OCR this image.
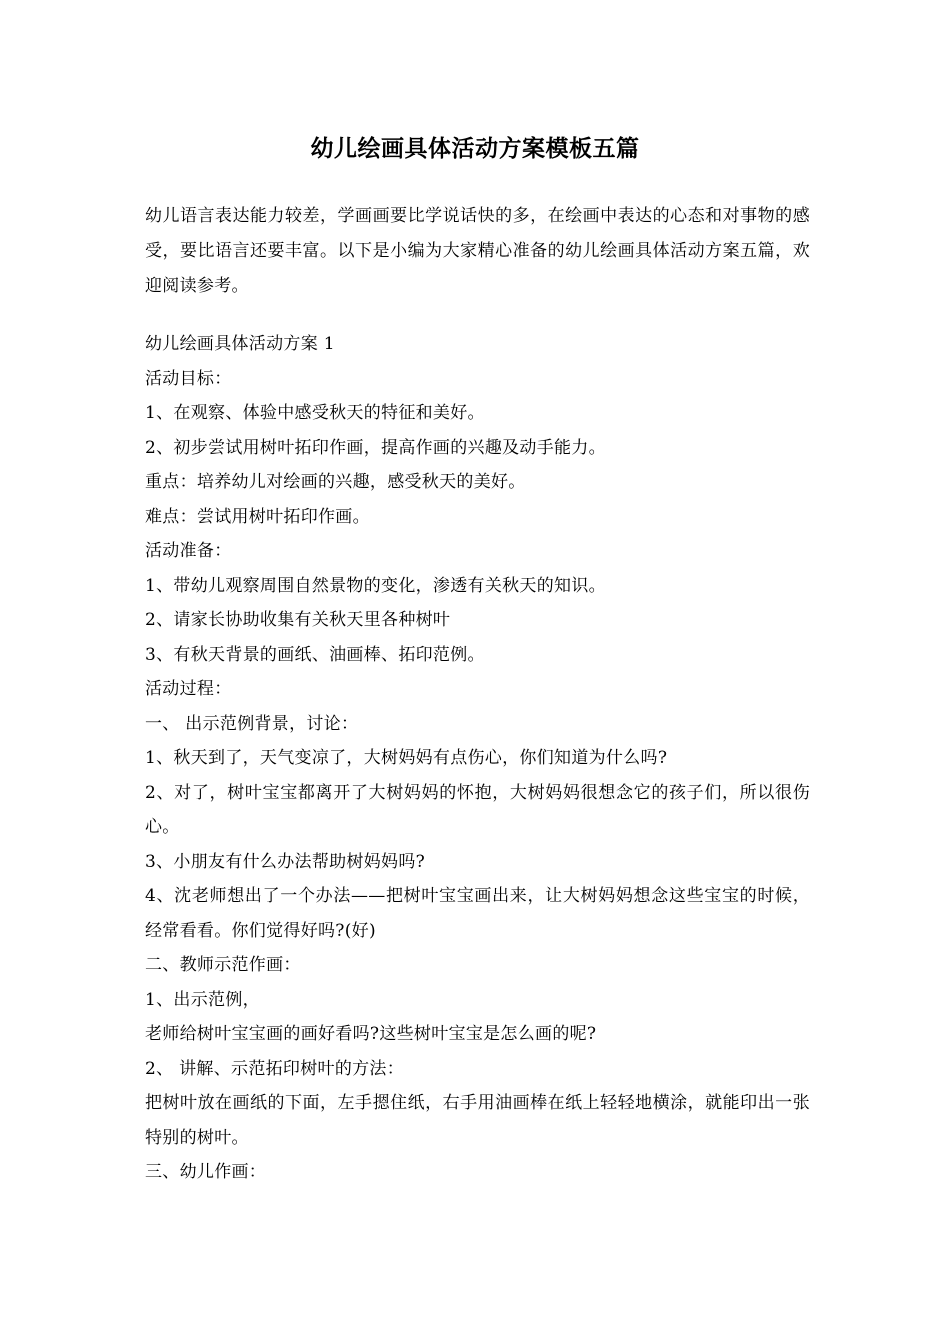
幼儿绘画具体活动方案模板五篇

幼儿语言表达能力较差，学画画要比学说话快的多，在绘画中表达的心态和对事物的感受，要比语言还要丰富。以下是小编为大家精心准备的幼儿绘画具体活动方案五篇，欢迎阅读参考。

幼儿绘画具体活动方案 1

活动目标：

1、在观察、体验中感受秋天的特征和美好。

2、初步尝试用树叶拓印作画，提高作画的兴趣及动手能力。

重点：培养幼儿对绘画的兴趣，感受秋天的美好。

难点：尝试用树叶拓印作画。

活动准备：

1、带幼儿观察周围自然景物的变化，渗透有关秋天的知识。

2、请家长协助收集有关秋天里各种树叶

3、有秋天背景的画纸、油画棒、拓印范例。

活动过程：

一、 出示范例背景，讨论：

1、秋天到了，天气变凉了，大树妈妈有点伤心，你们知道为什么吗?

2、对了，树叶宝宝都离开了大树妈妈的怀抱，大树妈妈很想念它的孩子们，所以很伤心。

3、小朋友有什么办法帮助树妈妈吗?

4、沈老师想出了一个办法——把树叶宝宝画出来，让大树妈妈想念这些宝宝的时候，经常看看。你们觉得好吗?(好)

二、教师示范作画：

1、出示范例，

老师给树叶宝宝画的画好看吗?这些树叶宝宝是怎么画的呢?

2、 讲解、示范拓印树叶的方法：

把树叶放在画纸的下面，左手摁住纸，右手用油画棒在纸上轻轻地横涂，就能印出一张特别的树叶。

三、幼儿作画：
